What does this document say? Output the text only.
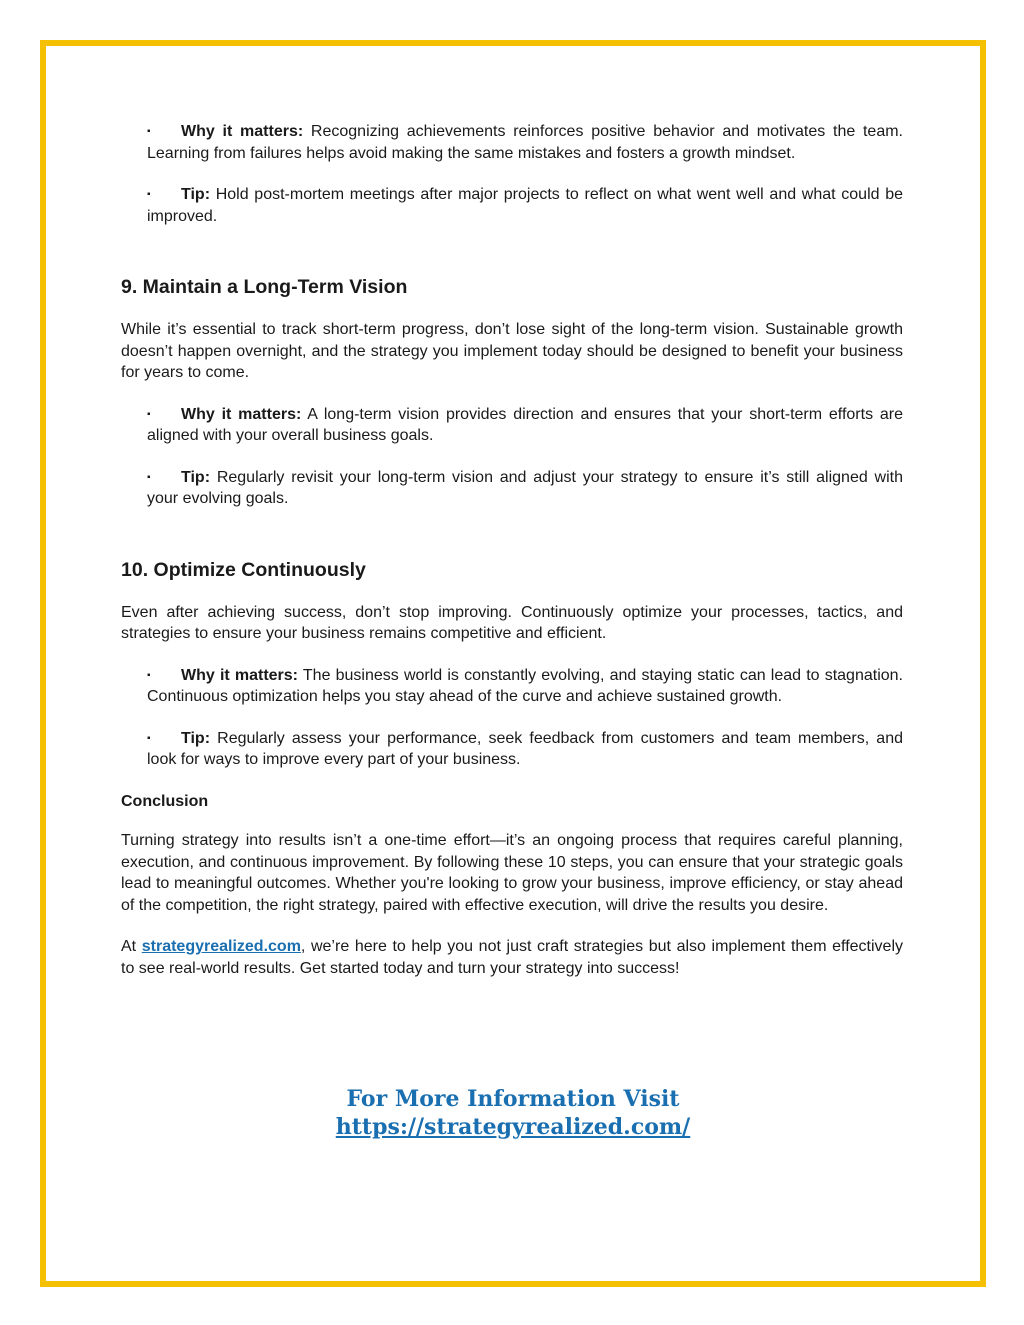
▪	Why it matters: Recognizing achievements reinforces positive behavior and motivates the team. Learning from failures helps avoid making the same mistakes and fosters a growth mindset.
▪	Tip: Hold post-mortem meetings after major projects to reflect on what went well and what could be improved.
9. Maintain a Long-Term Vision

While it’s essential to track short-term progress, don’t lose sight of the long-term vision. Sustainable growth doesn’t happen overnight, and the strategy you implement today should be designed to benefit your business for years to come.

▪	Why it matters: A long-term vision provides direction and ensures that your short-term efforts are aligned with your overall business goals.
▪	Tip: Regularly revisit your long-term vision and adjust your strategy to ensure it’s still aligned with your evolving goals.
10. Optimize Continuously

Even after achieving success, don’t stop improving. Continuously optimize your processes, tactics, and strategies to ensure your business remains competitive and efficient.

▪	Why it matters: The business world is constantly evolving, and staying static can lead to stagnation. Continuous optimization helps you stay ahead of the curve and achieve sustained growth.
▪	Tip: Regularly assess your performance, seek feedback from customers and team members, and look for ways to improve every part of your business.

Conclusion

Turning strategy into results isn’t a one-time effort—it’s an ongoing process that requires careful planning, execution, and continuous improvement. By following these 10 steps, you can ensure that your strategic goals lead to meaningful outcomes. Whether you're looking to grow your business, improve efficiency, or stay ahead of the competition, the right strategy, paired with effective execution, will drive the results you desire.

At strategyrealized.com, we’re here to help you not just craft strategies but also implement them effectively to see real-world results. Get started today and turn your strategy into success!

For More Information Visit
https://strategyrealized.com/
